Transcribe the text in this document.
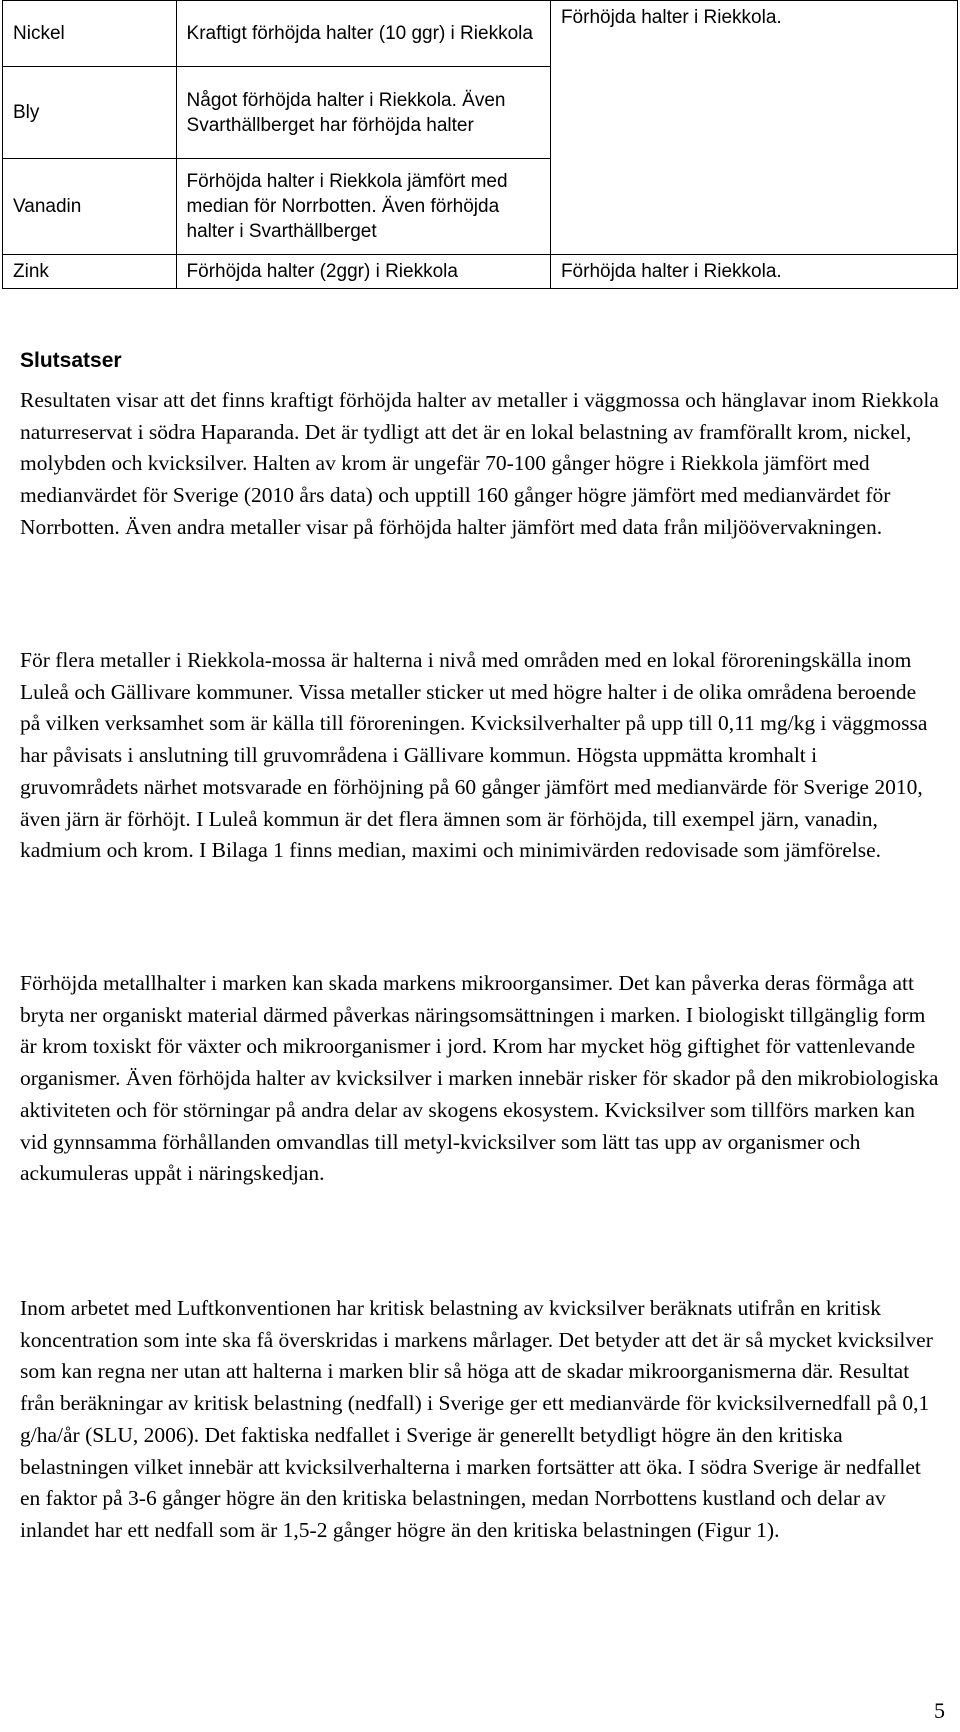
Nickel	Kraftigt förhöjda halter (10 ggr) i Riekkola	Förhöjda halter i Riekkola.
Bly	Något förhöjda halter i Riekkola. Även Svarthällberget har förhöjda halter	
Vanadin	Förhöjda halter i Riekkola jämfört med median för Norrbotten. Även förhöjda halter i Svarthällberget	
Zink	Förhöjda halter (2ggr) i Riekkola	Förhöjda halter i Riekkola.
Slutsatser

Resultaten visar att det finns kraftigt förhöjda halter av metaller i väggmossa och hänglavar inom Riekkola naturreservat i södra Haparanda. Det är tydligt att det är en lokal belastning av framförallt krom, nickel, molybden och kvicksilver. Halten av krom är ungefär 70-100 gånger högre i Riekkola jämfört med medianvärdet för Sverige (2010 års data) och upptill 160 gånger högre jämfört med medianvärdet för Norrbotten. Även andra metaller visar på förhöjda halter jämfört med data från miljöövervakningen.

För flera metaller i Riekkola-mossa är halterna i nivå med områden med en lokal föroreningskälla inom Luleå och Gällivare kommuner. Vissa metaller sticker ut med högre halter i de olika områdena beroende på vilken verksamhet som är källa till föroreningen. Kvicksilverhalter på upp till 0,11 mg/kg i väggmossa har påvisats i anslutning till gruvområdena i Gällivare kommun. Högsta uppmätta kromhalt i gruvområdets närhet motsvarade en förhöjning på 60 gånger jämfört med medianvärde för Sverige 2010, även järn är förhöjt. I Luleå kommun är det flera ämnen som är förhöjda, till exempel järn, vanadin, kadmium och krom. I Bilaga 1 finns median, maximi och minimivärden redovisade som jämförelse.

Förhöjda metallhalter i marken kan skada markens mikroorgansimer. Det kan påverka deras förmåga att bryta ner organiskt material därmed påverkas näringsomsättningen i marken. I biologiskt tillgänglig form är krom toxiskt för växter och mikroorganismer i jord. Krom har mycket hög giftighet för vattenlevande organismer. Även förhöjda halter av kvicksilver i marken innebär risker för skador på den mikrobiologiska aktiviteten och för störningar på andra delar av skogens ekosystem. Kvicksilver som tillförs marken kan vid gynnsamma förhållanden omvandlas till metyl-kvicksilver som lätt tas upp av organismer och ackumuleras uppåt i näringskedjan.

Inom arbetet med Luftkonventionen har kritisk belastning av kvicksilver beräknats utifrån en kritisk koncentration som inte ska få överskridas i markens mårlager. Det betyder att det är så mycket kvicksilver som kan regna ner utan att halterna i marken blir så höga att de skadar mikroorganismerna där. Resultat från beräkningar av kritisk belastning (nedfall) i Sverige ger ett medianvärde för kvicksilvernedfall på 0,1 g/ha/år (SLU, 2006). Det faktiska nedfallet i Sverige är generellt betydligt högre än den kritiska belastningen vilket innebär att kvicksilverhalterna i marken fortsätter att öka. I södra Sverige är nedfallet en faktor på 3-6 gånger högre än den kritiska belastningen, medan Norrbottens kustland och delar av inlandet har ett nedfall som är 1,5-2 gånger högre än den kritiska belastningen (Figur 1).

5
